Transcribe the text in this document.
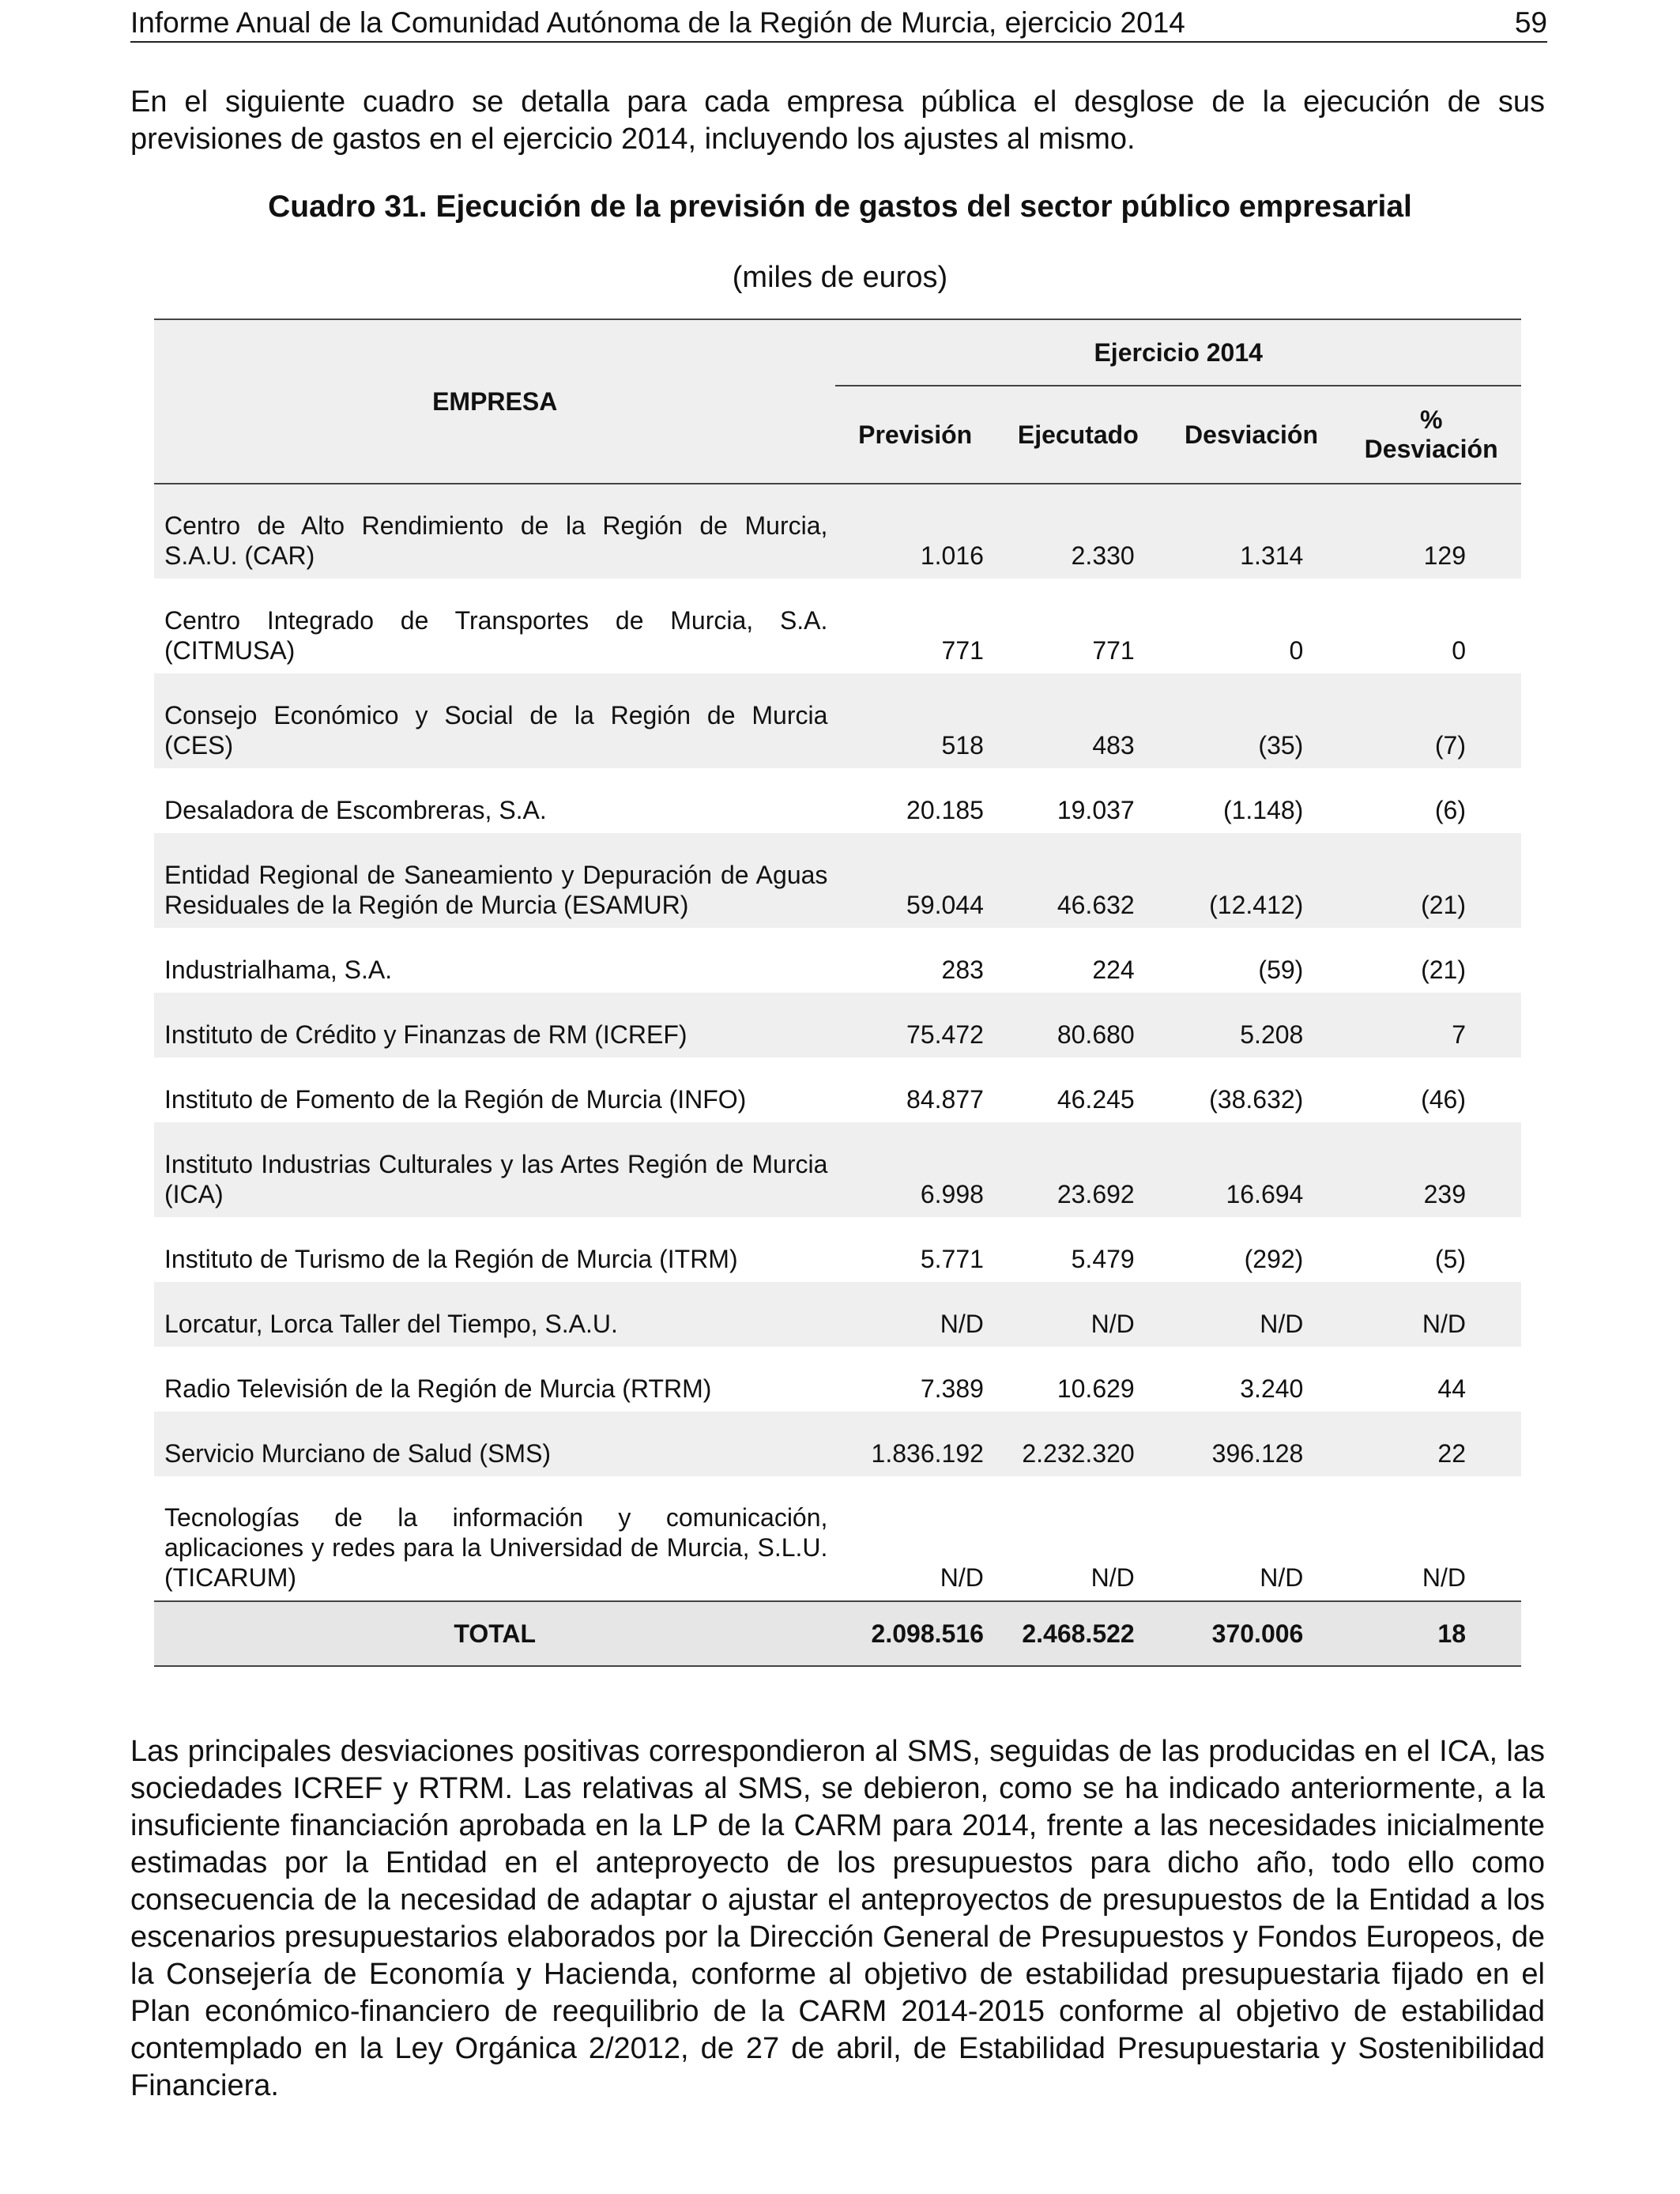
Informe Anual de la Comunidad Autónoma de la Región de Murcia, ejercicio 2014	59

En el siguiente cuadro se detalla para cada empresa pública el desglose de la ejecución de sus previsiones de gastos en el ejercicio 2014, incluyendo los ajustes al mismo.

Cuadro 31. Ejecución de la previsión de gastos del sector público empresarial
(miles de euros)
EMPRESA	Ejercicio 2014			
	Previsión	Ejecutado	Desviación	% Desviación
Centro de Alto Rendimiento de la Región de Murcia, S.A.U. (CAR)	1.016	2.330	1.314	129
Centro Integrado de Transportes de Murcia, S.A. (CITMUSA)	771	771	0	0
Consejo Económico y Social de la Región de Murcia (CES)	518	483	(35)	(7)
Desaladora de Escombreras, S.A.	20.185	19.037	(1.148)	(6)
Entidad Regional de Saneamiento y Depuración de Aguas Residuales de la Región de Murcia (ESAMUR)	59.044	46.632	(12.412)	(21)
Industrialhama, S.A.	283	224	(59)	(21)
Instituto de Crédito y Finanzas de RM (ICREF)	75.472	80.680	5.208	7
Instituto de Fomento de la Región de Murcia (INFO)	84.877	46.245	(38.632)	(46)
Instituto Industrias Culturales y las Artes Región de Murcia (ICA)	6.998	23.692	16.694	239
Instituto de Turismo de la Región de Murcia (ITRM)	5.771	5.479	(292)	(5)
Lorcatur, Lorca Taller del Tiempo, S.A.U.	N/D	N/D	N/D	N/D
Radio Televisión de la Región de Murcia (RTRM)	7.389	10.629	3.240	44
Servicio Murciano de Salud (SMS)	1.836.192	2.232.320	396.128	22
Tecnologías de la información y comunicación, aplicaciones y redes para la Universidad de Murcia, S.L.U. (TICARUM)	N/D	N/D	N/D	N/D
TOTAL	2.098.516	2.468.522	370.006	18

Las principales desviaciones positivas correspondieron al SMS, seguidas de las producidas en el ICA, las sociedades ICREF y RTRM. Las relativas al SMS, se debieron, como se ha indicado anteriormente, a la insuficiente financiación aprobada en la LP de la CARM para 2014, frente a las necesidades inicialmente estimadas por la Entidad en el anteproyecto de los presupuestos para dicho año, todo ello como consecuencia de la necesidad de adaptar o ajustar el anteproyectos de presupuestos de la Entidad a los escenarios presupuestarios elaborados por la Dirección General de Presupuestos y Fondos Europeos, de la Consejería de Economía y Hacienda, conforme al objetivo de estabilidad presupuestaria fijado en el Plan económico-financiero de reequilibrio de la CARM 2014-2015 conforme al objetivo de estabilidad contemplado en la Ley Orgánica 2/2012, de 27 de abril, de Estabilidad Presupuestaria y Sostenibilidad Financiera.
